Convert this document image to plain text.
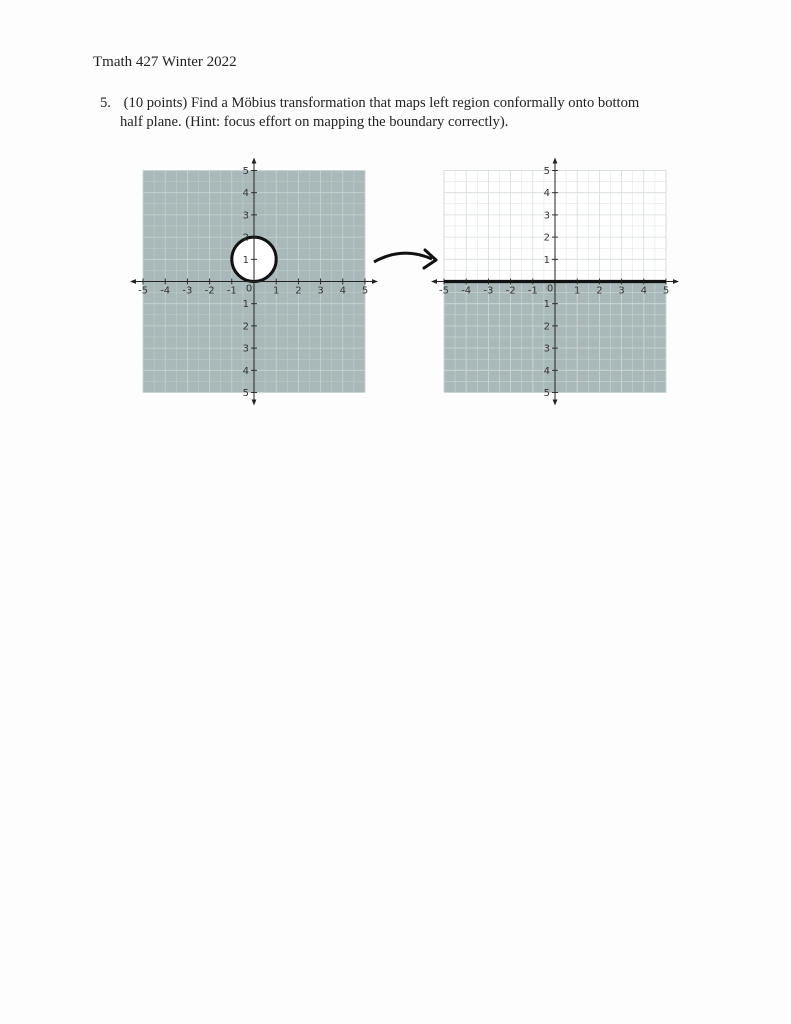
Tmath 427 Winter 2022
5. (10 points) Find a Möbius transformation that maps left region conformally onto bottom
half plane. (Hint: focus effort on mapping the boundary correctly).
-5 -4 -3 -2 -1 0 1 2 3 4 5
1
2
3
4
5
1
2
3
4
5
-5 -4 -3 -2 -1 0 1 2 3 4 5
1
2
3
4
5
1
2
3
4
5
